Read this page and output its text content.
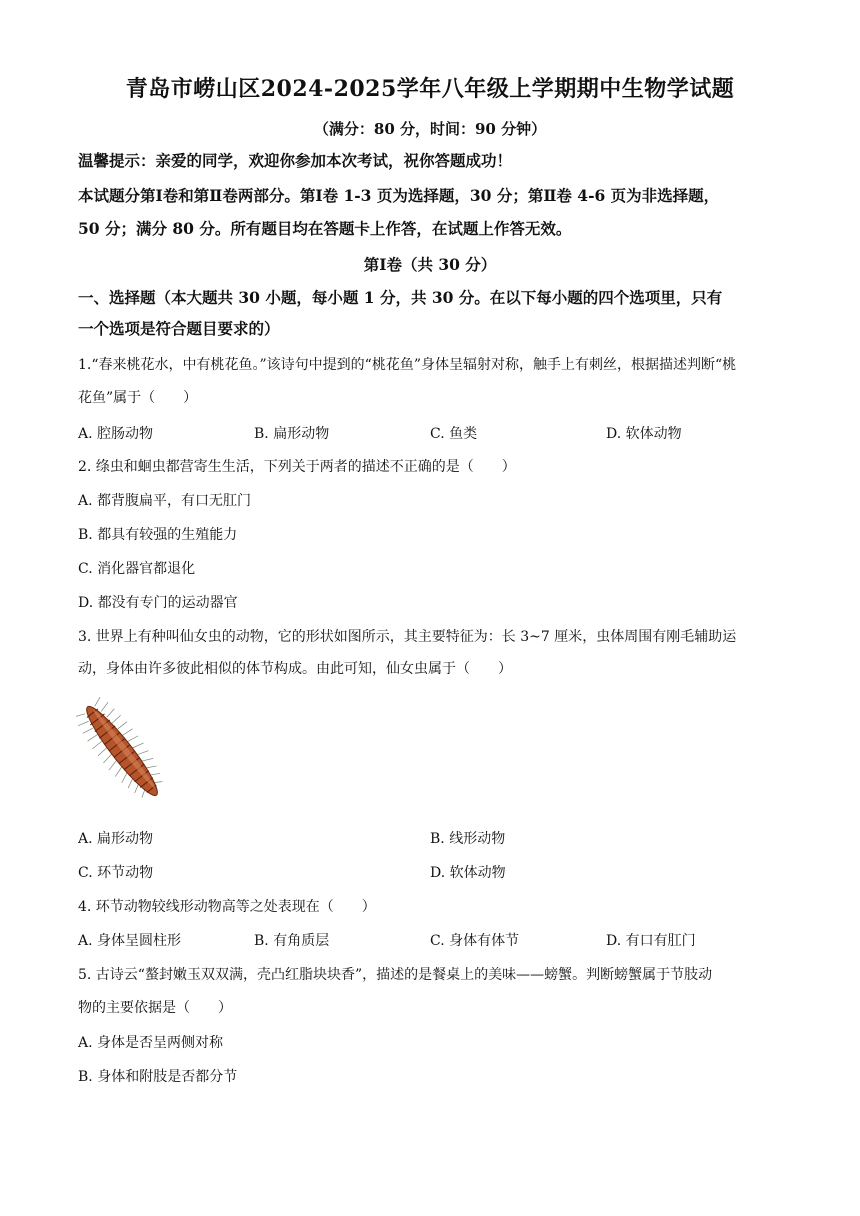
青岛市崂山区2024-2025学年八年级上学期期中生物学试题
（满分：80 分，时间：90 分钟）
温馨提示：亲爱的同学，欢迎你参加本次考试，祝你答题成功！
本试题分第Ⅰ卷和第Ⅱ卷两部分。第Ⅰ卷 1-3 页为选择题，30 分；第Ⅱ卷 4-6 页为非选择题，
50 分；满分 80 分。所有题目均在答题卡上作答，在试题上作答无效。
第Ⅰ卷（共 30 分）
一、选择题（本大题共 30 小题，每小题 1 分，共 30 分。在以下每小题的四个选项里，只有
一个选项是符合题目要求的）
1.“春来桃花水，中有桃花鱼。”该诗句中提到的“桃花鱼”身体呈辐射对称，触手上有刺丝，根据描述判断“桃
花鱼”属于（　　）
A. 腔肠动物	B. 扁形动物	C. 鱼类	D. 软体动物
2. 绦虫和蛔虫都营寄生生活，下列关于两者的描述不正确的是（　　）
A. 都背腹扁平，有口无肛门
B. 都具有较强的生殖能力
C. 消化器官都退化
D. 都没有专门的运动器官
3. 世界上有种叫仙女虫的动物，它的形状如图所示，其主要特征为：长 3~7 厘米，虫体周围有刚毛辅助运
动，身体由许多彼此相似的体节构成。由此可知，仙女虫属于（　　）
A. 扁形动物	B. 线形动物
C. 环节动物	D. 软体动物
4. 环节动物较线形动物高等之处表现在（　　）
A. 身体呈圆柱形	B. 有角质层	C. 身体有体节	D. 有口有肛门
5. 古诗云“螯封嫩玉双双满，壳凸红脂块块香”，描述的是餐桌上的美味——螃蟹。判断螃蟹属于节肢动
物的主要依据是（　　）
A. 身体是否呈两侧对称
B. 身体和附肢是否都分节
